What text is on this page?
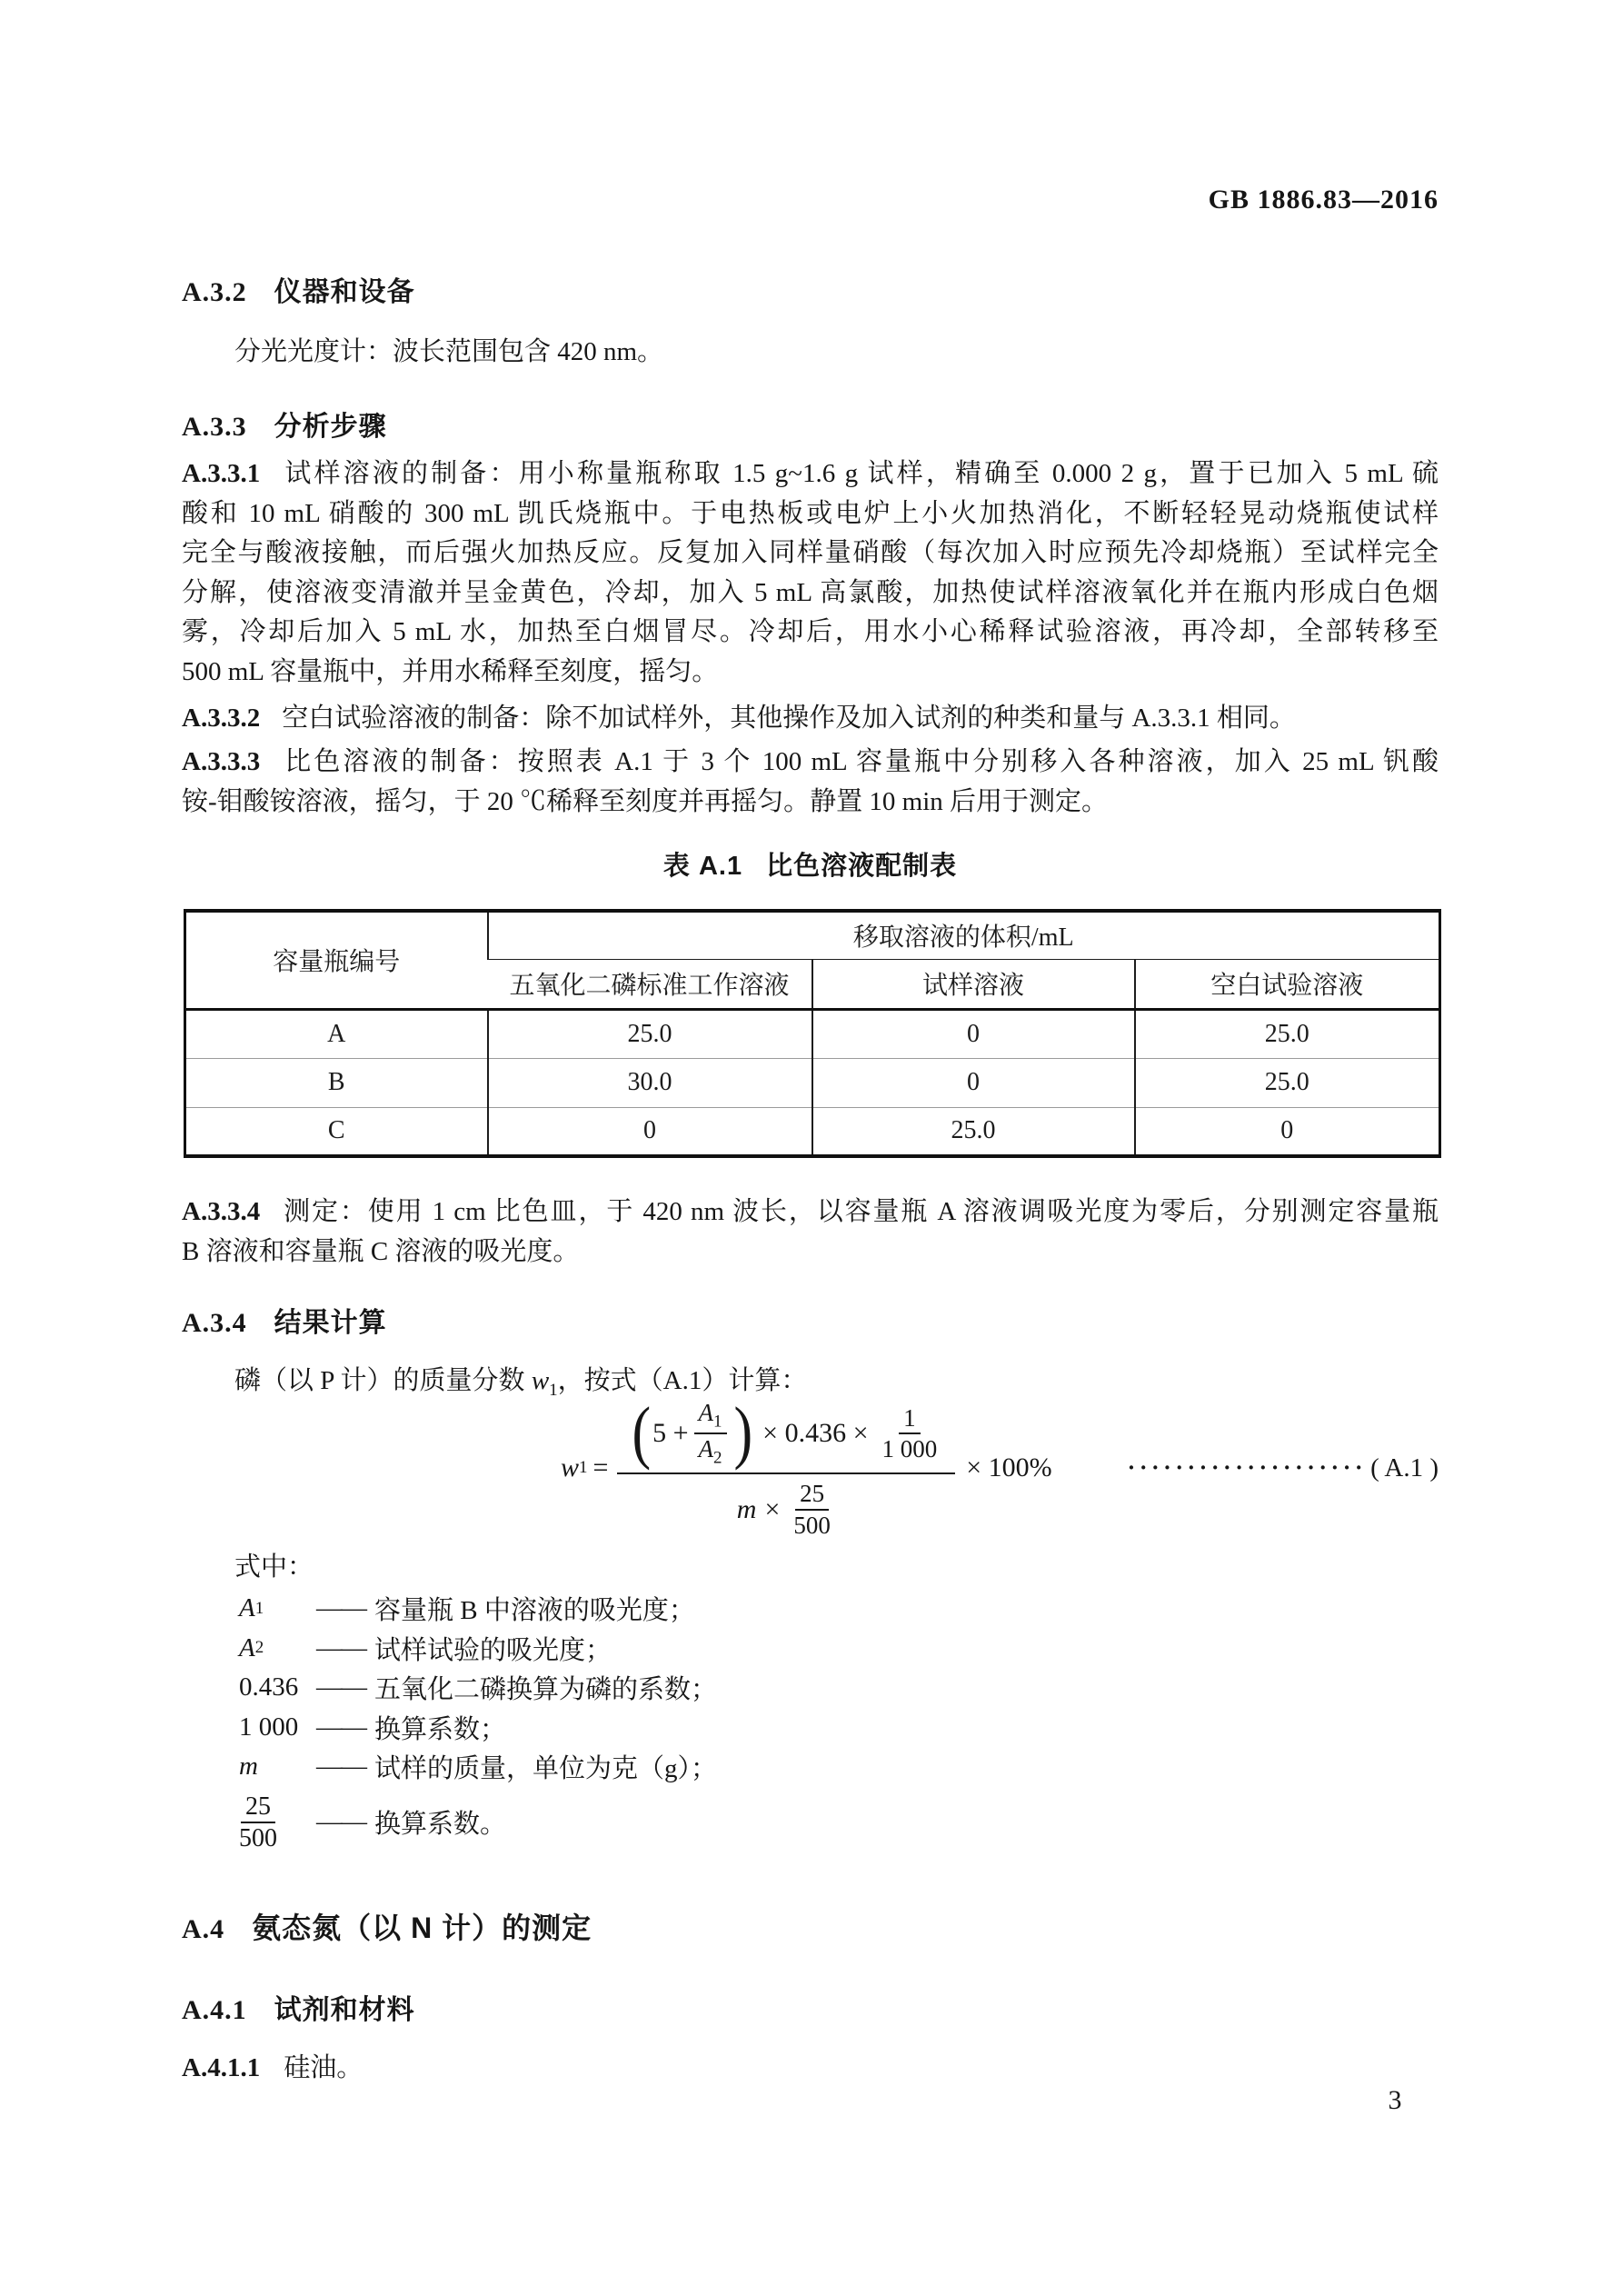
GB 1886.83—2016
A.3.2 仪器和设备
分光光度计：波长范围包含 420 nm。
A.3.3 分析步骤
A.3.3.1 试样溶液的制备：用小称量瓶称取 1.5 g~1.6 g 试样，精确至 0.000 2 g，置于已加入 5 mL 硫
酸和 10 mL 硝酸的 300 mL 凯氏烧瓶中。于电热板或电炉上小火加热消化，不断轻轻晃动烧瓶使试样
完全与酸液接触，而后强火加热反应。反复加入同样量硝酸（每次加入时应预先冷却烧瓶）至试样完全
分解，使溶液变清澈并呈金黄色，冷却，加入 5 mL 高氯酸，加热使试样溶液氧化并在瓶内形成白色烟
雾，冷却后加入 5 mL 水，加热至白烟冒尽。冷却后，用水小心稀释试验溶液，再冷却，全部转移至
500 mL 容量瓶中，并用水稀释至刻度，摇匀。
A.3.3.2 空白试验溶液的制备：除不加试样外，其他操作及加入试剂的种类和量与 A.3.3.1 相同。
A.3.3.3 比色溶液的制备：按照表 A.1 于 3 个 100 mL 容量瓶中分别移入各种溶液，加入 25 mL 钒酸
铵-钼酸铵溶液，摇匀，于 20 ℃稀释至刻度并再摇匀。静置 10 min 后用于测定。
表 A.1 比色溶液配制表
容量瓶编号	移取溶液的体积/mL		
	五氧化二磷标准工作溶液	试样溶液	空白试验溶液
A	25.0	0	25.0
B	30.0	0	25.0
C	0	25.0	0
A.3.3.4 测定：使用 1 cm 比色皿，于 420 nm 波长，以容量瓶 A 溶液调吸光度为零后，分别测定容量瓶
B 溶液和容量瓶 C 溶液的吸光度。
A.3.4 结果计算
磷（以 P 计）的质量分数 $w_1$，按式（A.1）计算：
w 1 = ( $5 + \frac{A_1}{A_2}$ ) × $0.436 \times \frac{1}{1 000}$
$m \times \frac{25}{500}$
× 100%	···················· ( A.1 )
式中：
A 1 —— 容量瓶 B 中溶液的吸光度；
A 2 —— 试样试验的吸光度；
0.436 —— 五氧化二磷换算为磷的系数；
1 000 —— 换算系数；
m	—— 试样的质量，单位为克（g）；
$\frac{25}{500}$ —— 换算系数。
A.4 氨态氮（以 N 计）的测定
A.4.1 试剂和材料
A.4.1.1 硅油。
3
